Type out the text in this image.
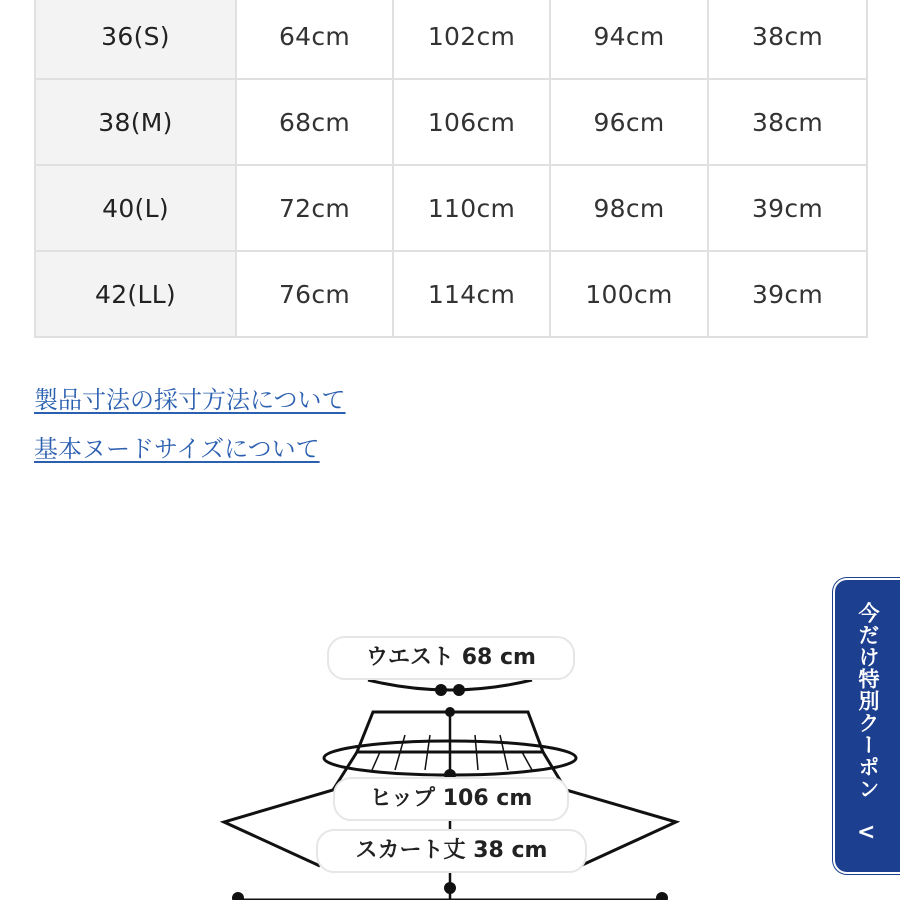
36(S)	64cm	102cm	94cm	38cm
38(M)	68cm	106cm	96cm	38cm
40(L)	72cm	110cm	98cm	39cm
42(LL)	76cm	114cm	100cm	39cm
製品寸法の採寸方法について
基本ヌードサイズについて
ウエスト 68 cm
ヒップ 106 cm
スカート丈 38 cm
今だけ特別クーポン
<
